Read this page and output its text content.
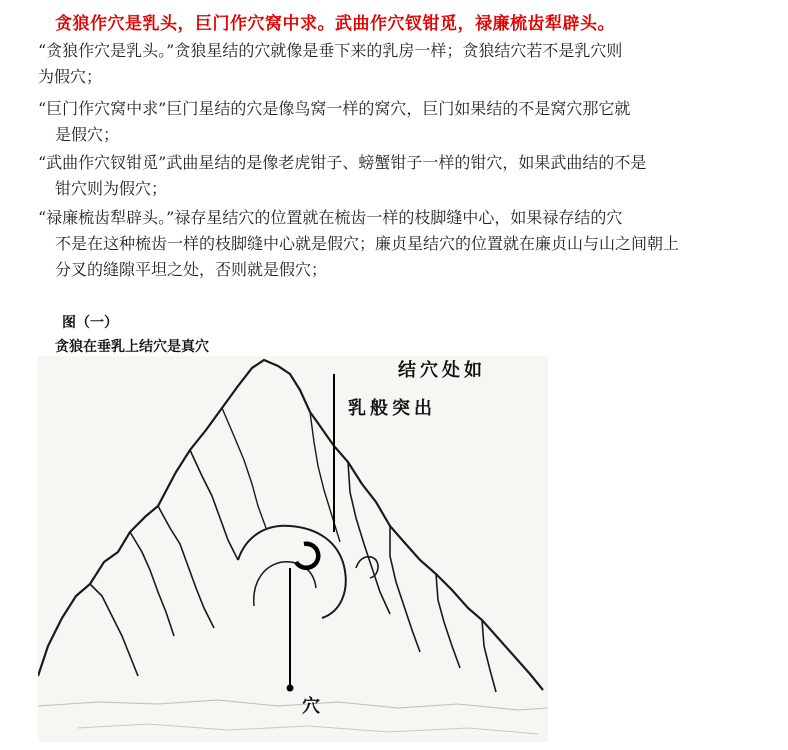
贪狼作穴是乳头，巨门作穴窝中求。武曲作穴钗钳觅，禄廉梳齿犁辟头。
“贪狼作穴是乳头。”贪狼星结的穴就像是垂下来的乳房一样；贪狼结穴若不是乳穴则
为假穴；
“巨门作穴窝中求”巨门星结的穴是像鸟窝一样的窝穴，巨门如果结的不是窝穴那它就
是假穴；
“武曲作穴钗钳觅”武曲星结的是像老虎钳子、螃蟹钳子一样的钳穴，如果武曲结的不是
钳穴则为假穴；
“禄廉梳齿犁辟头。”禄存星结穴的位置就在梳齿一样的枝脚缝中心，如果禄存结的穴
不是在这种梳齿一样的枝脚缝中心就是假穴；廉贞星结穴的位置就在廉贞山与山之间朝上
分叉的缝隙平坦之处，否则就是假穴；
图（一）
贪狼在垂乳上结穴是真穴
结穴处如
乳般突出
穴
